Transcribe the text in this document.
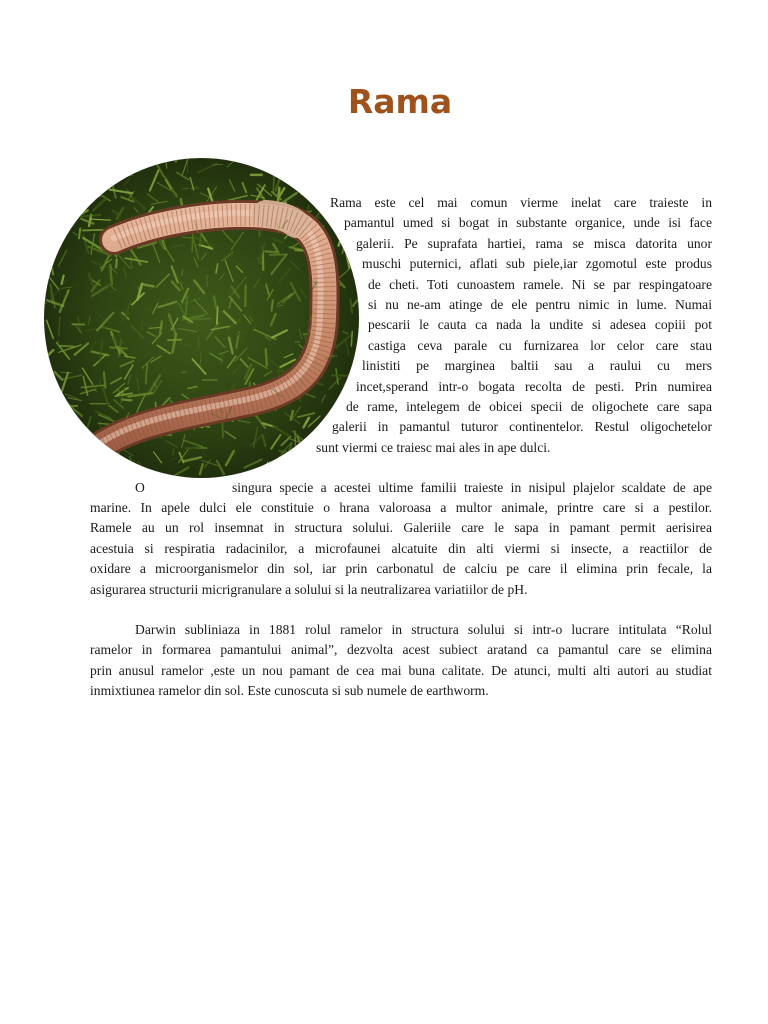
Rama
Rama este cel mai comun vierme inelat care traieste in
pamantul umed si bogat in substante organice, unde isi face
galerii. Pe suprafata hartiei, rama se misca datorita unor
muschi puternici, aflati sub piele,iar zgomotul este produs
de cheti. Toti cunoastem ramele. Ni se par respingatoare
si nu ne-am atinge de ele pentru nimic in lume. Numai
pescarii le cauta ca nada la undite si adesea copiii pot
castiga ceva parale cu furnizarea lor celor care stau
linistiti pe marginea baltii sau a raului cu mers
incet,sperand intr-o bogata recolta de pesti. Prin numirea
de rame, intelegem de obicei specii de oligochete care sapa
galerii in pamantul tuturor continentelor. Restul oligochetelor
sunt viermi ce traiesc mai ales in ape dulci.
O	singura specie a acestei ultime familii traieste in nisipul plajelor scaldate de ape
marine. In apele dulci ele constituie o hrana valoroasa a multor animale, printre care si a pestilor.
Ramele au un rol insemnat in structura solului. Galeriile care le sapa in pamant permit aerisirea
acestuia si respiratia radacinilor, a microfaunei alcatuite din alti viermi si insecte, a reactiilor de
oxidare a microorganismelor din sol, iar prin carbonatul de calciu pe care il elimina prin fecale, la
asigurarea structurii micrigranulare a solului si la neutralizarea variatiilor de pH.
Darwin subliniaza in 1881 rolul ramelor in structura solului si intr-o lucrare intitulata “Rolul
ramelor in formarea pamantului animal”, dezvolta acest subiect aratand ca pamantul care se elimina
prin anusul ramelor ,este un nou pamant de cea mai buna calitate. De atunci, multi alti autori au studiat
inmixtiunea ramelor din sol. Este cunoscuta si sub numele de earthworm.
